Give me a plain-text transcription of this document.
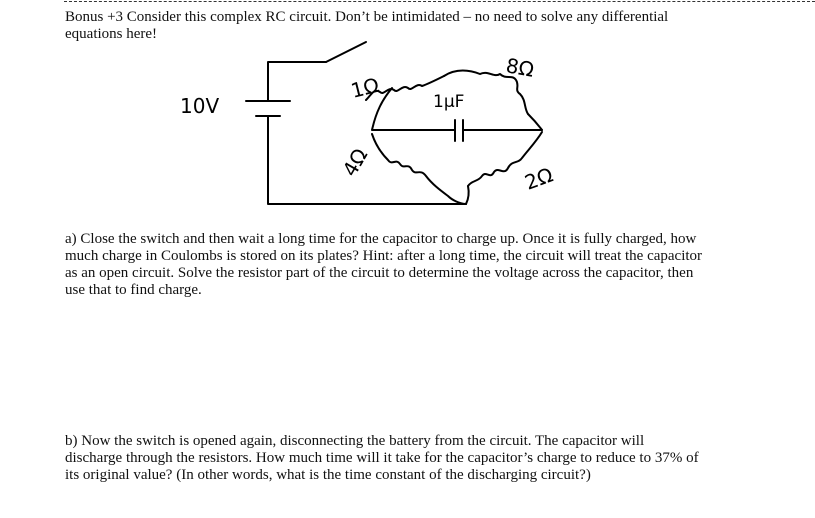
Bonus +3 Consider this complex RC circuit. Don’t be intimidated – no need to solve any differential
equations here!

10V
1Ω	1μF
8Ω
4Ω	2Ω

a) Close the switch and then wait a long time for the capacitor to charge up. Once it is fully charged, how
much charge in Coulombs is stored on its plates? Hint: after a long time, the circuit will treat the capacitor
as an open circuit. Solve the resistor part of the circuit to determine the voltage across the capacitor, then
use that to find charge.

b) Now the switch is opened again, disconnecting the battery from the circuit. The capacitor will
discharge through the resistors. How much time will it take for the capacitor’s charge to reduce to 37% of
its original value? (In other words, what is the time constant of the discharging circuit?)
